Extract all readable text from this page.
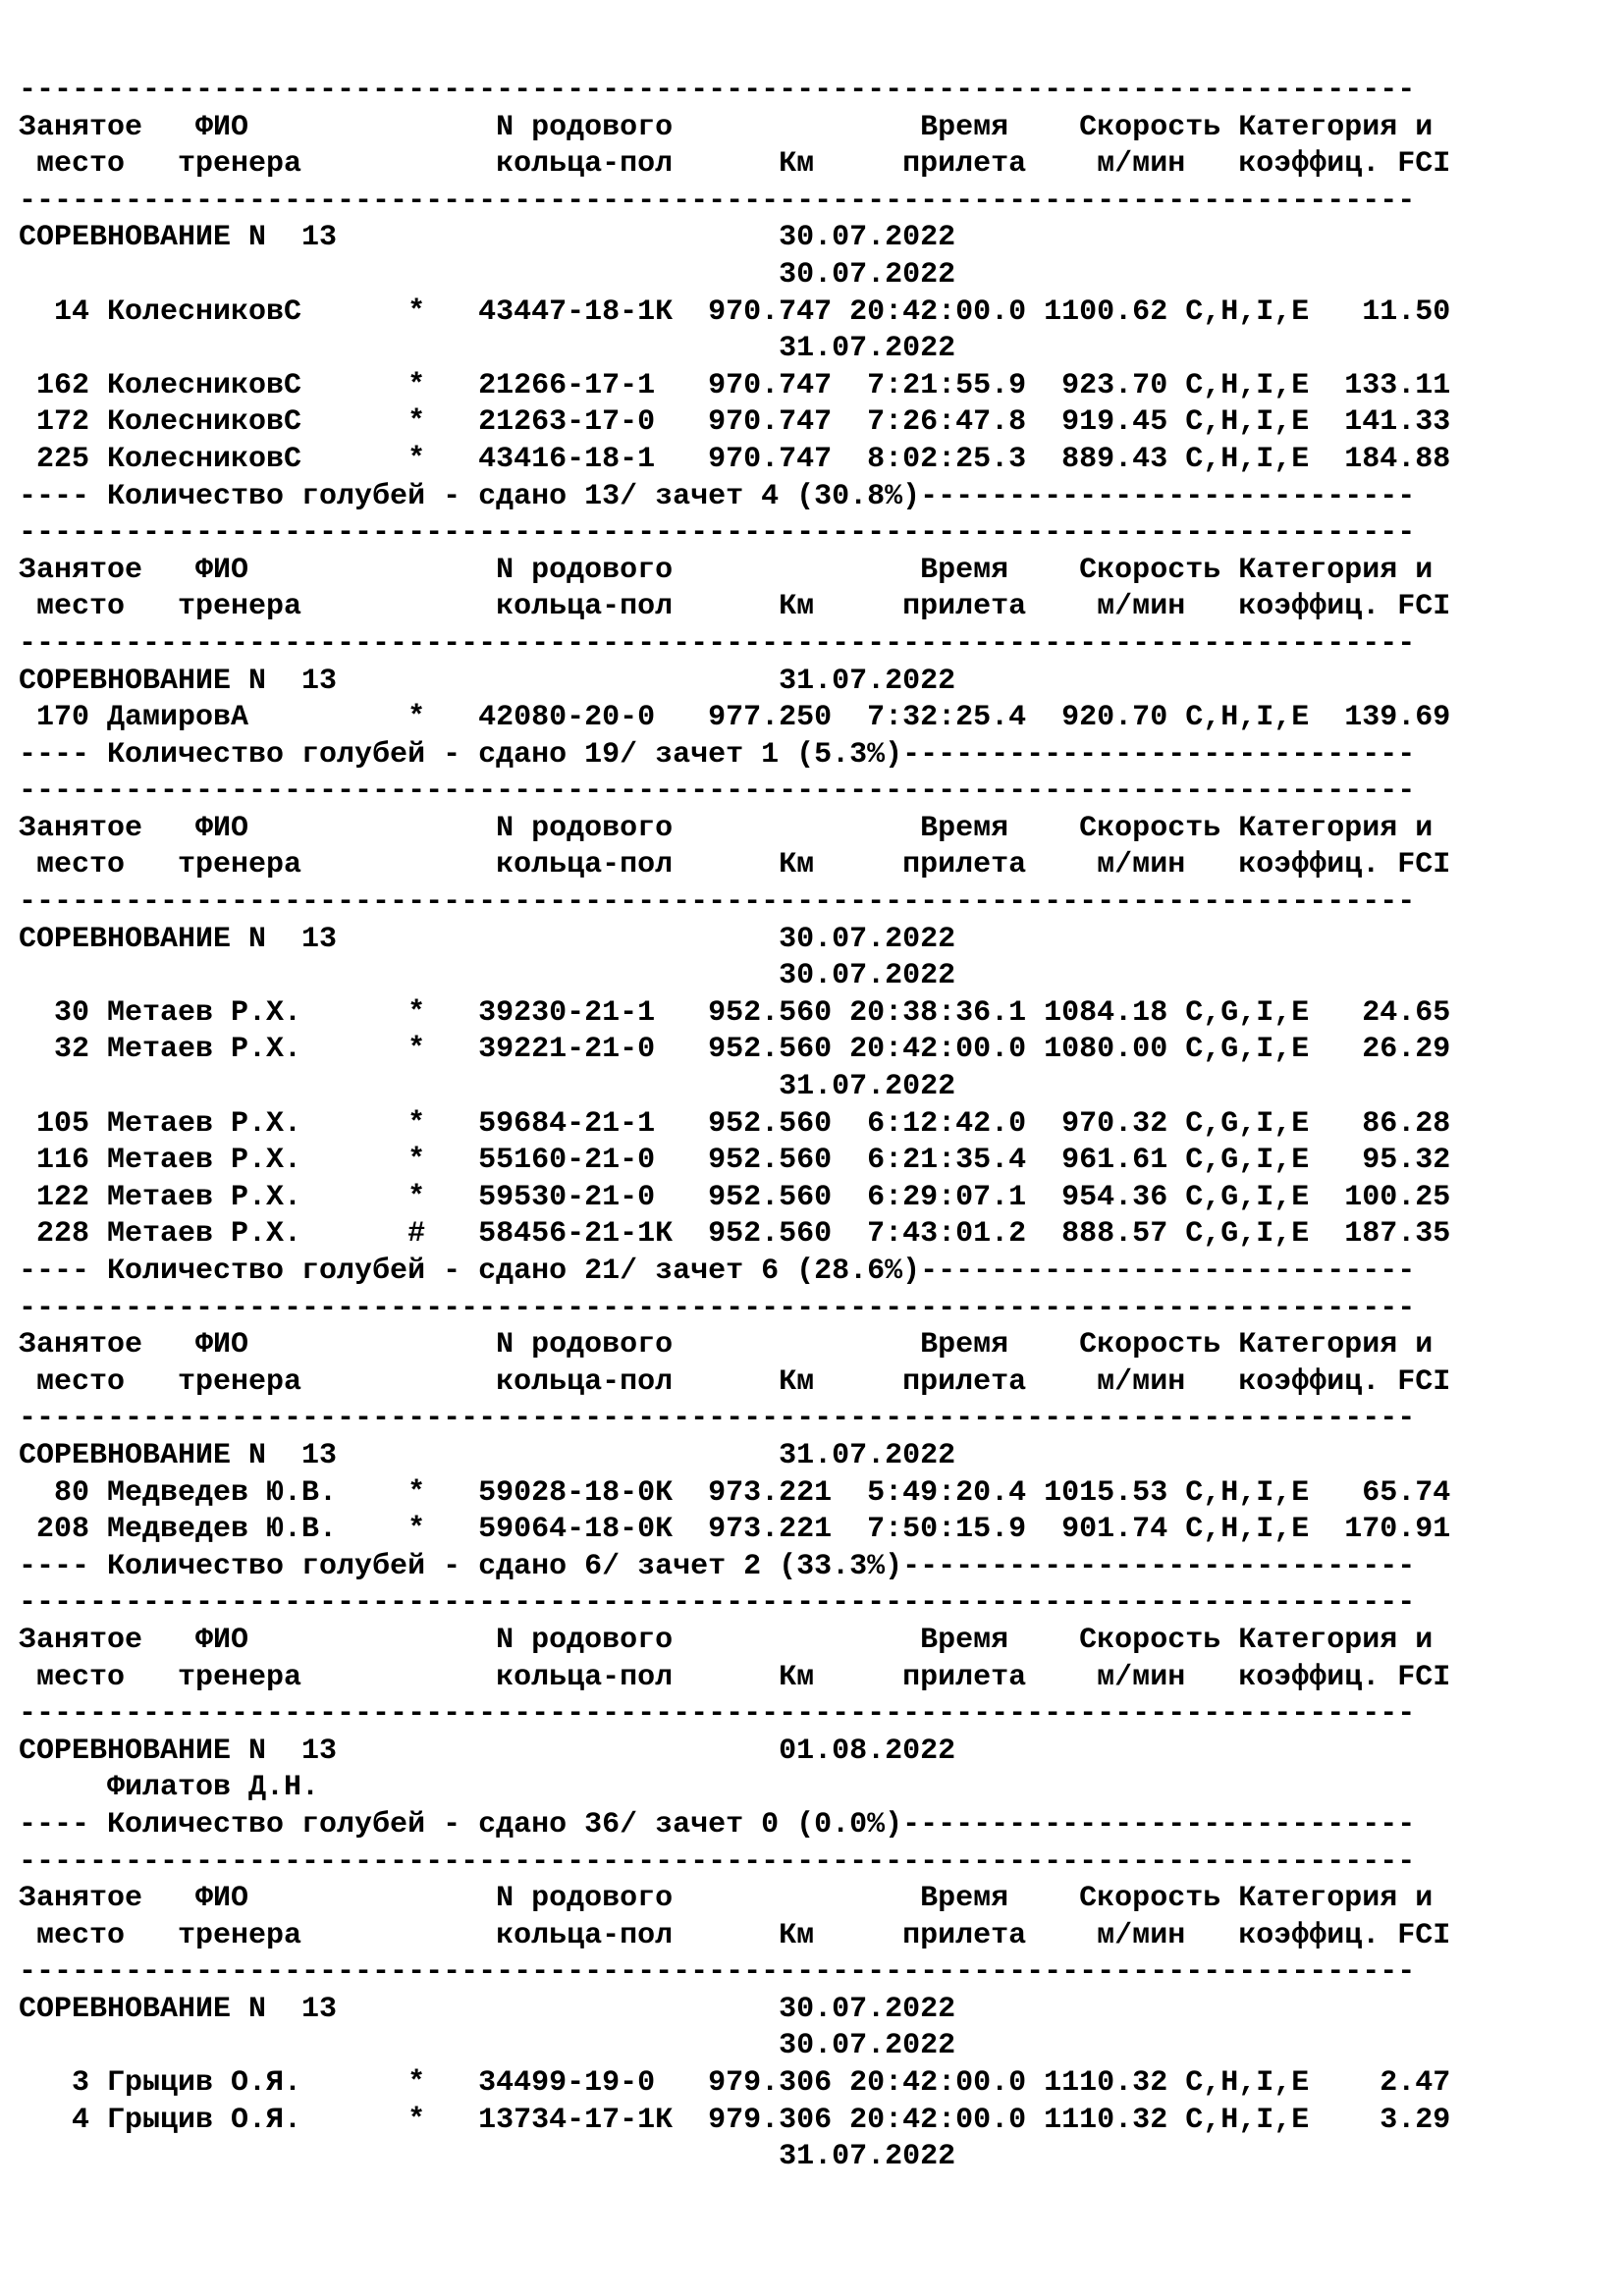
-------------------------------------------------------------------------------
Занятое   ФИО              N родового              Время    Скорость Категория и
место   тренера           кольца-пол      Км     прилета    м/мин   коэффиц. FCI
-------------------------------------------------------------------------------
СОРЕВНОВАНИЕ N  13                         30.07.2022
30.07.2022
14 КолесниковС      *   43447-18-1К  970.747 20:42:00.0 1100.62 C,H,I,E   11.50
31.07.2022
162 КолесниковС      *   21266-17-1   970.747  7:21:55.9  923.70 C,H,I,E  133.11
172 КолесниковС      *   21263-17-0   970.747  7:26:47.8  919.45 C,H,I,E  141.33
225 КолесниковС      *   43416-18-1   970.747  8:02:25.3  889.43 C,H,I,E  184.88
---- Количество голубей - сдано 13/ зачет 4 (30.8%)----------------------------
-------------------------------------------------------------------------------
Занятое   ФИО              N родового              Время    Скорость Категория и
место   тренера           кольца-пол      Км     прилета    м/мин   коэффиц. FCI
-------------------------------------------------------------------------------
СОРЕВНОВАНИЕ N  13                         31.07.2022
170 ДамировА         *   42080-20-0   977.250  7:32:25.4  920.70 C,H,I,E  139.69
---- Количество голубей - сдано 19/ зачет 1 (5.3%)-----------------------------
-------------------------------------------------------------------------------
Занятое   ФИО              N родового              Время    Скорость Категория и
место   тренера           кольца-пол      Км     прилета    м/мин   коэффиц. FCI
-------------------------------------------------------------------------------
СОРЕВНОВАНИЕ N  13                         30.07.2022
30.07.2022
30 Метаев Р.Х.      *   39230-21-1   952.560 20:38:36.1 1084.18 C,G,I,E   24.65
32 Метаев Р.Х.      *   39221-21-0   952.560 20:42:00.0 1080.00 C,G,I,E   26.29
31.07.2022
105 Метаев Р.Х.      *   59684-21-1   952.560  6:12:42.0  970.32 C,G,I,E   86.28
116 Метаев Р.Х.      *   55160-21-0   952.560  6:21:35.4  961.61 C,G,I,E   95.32
122 Метаев Р.Х.      *   59530-21-0   952.560  6:29:07.1  954.36 C,G,I,E  100.25
228 Метаев Р.Х.      #   58456-21-1К  952.560  7:43:01.2  888.57 C,G,I,E  187.35
---- Количество голубей - сдано 21/ зачет 6 (28.6%)----------------------------
-------------------------------------------------------------------------------
Занятое   ФИО              N родового              Время    Скорость Категория и
место   тренера           кольца-пол      Км     прилета    м/мин   коэффиц. FCI
-------------------------------------------------------------------------------
СОРЕВНОВАНИЕ N  13                         31.07.2022
80 Медведев Ю.В.    *   59028-18-0К  973.221  5:49:20.4 1015.53 C,H,I,E   65.74
208 Медведев Ю.В.    *   59064-18-0К  973.221  7:50:15.9  901.74 C,H,I,E  170.91
---- Количество голубей - сдано 6/ зачет 2 (33.3%)-----------------------------
-------------------------------------------------------------------------------
Занятое   ФИО              N родового              Время    Скорость Категория и
место   тренера           кольца-пол      Км     прилета    м/мин   коэффиц. FCI
-------------------------------------------------------------------------------
СОРЕВНОВАНИЕ N  13                         01.08.2022
Филатов Д.Н.
---- Количество голубей - сдано 36/ зачет 0 (0.0%)-----------------------------
-------------------------------------------------------------------------------
Занятое   ФИО              N родового              Время    Скорость Категория и
место   тренера           кольца-пол      Км     прилета    м/мин   коэффиц. FCI
-------------------------------------------------------------------------------
СОРЕВНОВАНИЕ N  13                         30.07.2022
30.07.2022
3 Грыцив О.Я.      *   34499-19-0   979.306 20:42:00.0 1110.32 C,H,I,E    2.47
4 Грыцив О.Я.      *   13734-17-1К  979.306 20:42:00.0 1110.32 C,H,I,E    3.29
31.07.2022
